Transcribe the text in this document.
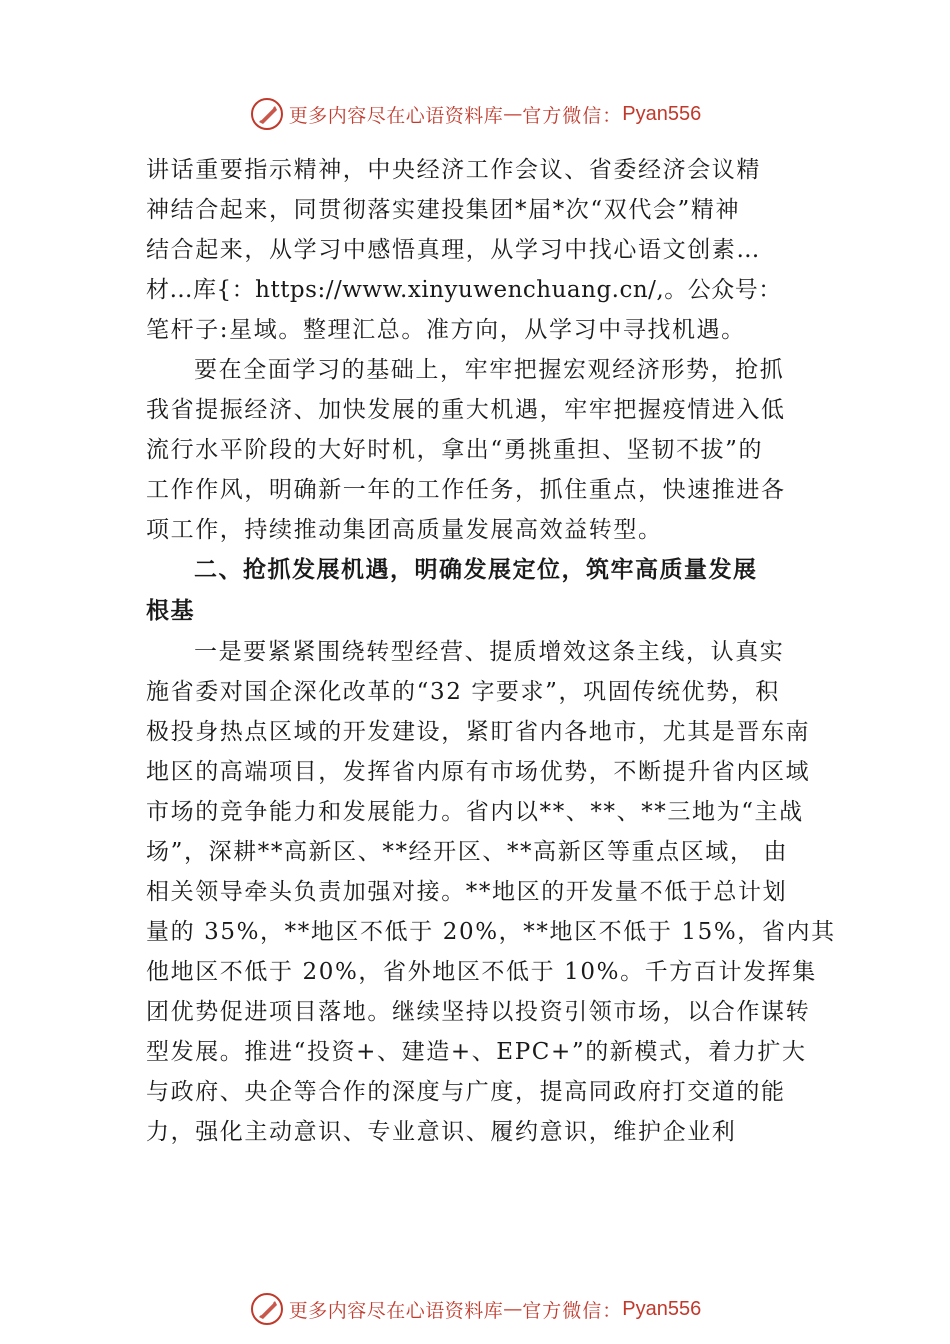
更多内容尽在心语资料库 — 官方微信： Pyan556
讲话重要指示精神，中央经济工作会议、省委经济会议精
神结合起来，同贯彻落实建投集团*届*次“双代会”精神
结合起来，从学习中感悟真理，从学习中找心语文创素…
材…库{：https://www.xinyuwenchuang.cn/,。公众号：
笔杆子:星域。整理汇总。准方向，从学习中寻找机遇。
要在全面学习的基础上，牢牢把握宏观经济形势，抢抓
我省提振经济、加快发展的重大机遇，牢牢把握疫情进入低
流行水平阶段的大好时机，拿出“勇挑重担、坚韧不拔”的
工作作风，明确新一年的工作任务，抓住重点，快速推进各
项工作，持续推动集团高质量发展高效益转型。
二、抢抓发展机遇，明确发展定位，筑牢高质量发展
根基
一是要紧紧围绕转型经营、提质增效这条主线，认真实
施省委对国企深化改革的“32 字要求”，巩固传统优势，积
极投身热点区域的开发建设，紧盯省内各地市，尤其是晋东南
地区的高端项目，发挥省内原有市场优势，不断提升省内区域
市场的竞争能力和发展能力。省内以**、**、**三地为“主战
场”，深耕**高新区、**经开区、**高新区等重点区域， 由
相关领导牵头负责加强对接。**地区的开发量不低于总计划
量的 35%，**地区不低于 20%，**地区不低于 15%，省内其
他地区不低于 20%，省外地区不低于 10%。千方百计发挥集
团优势促进项目落地。继续坚持以投资引领市场，以合作谋转
型发展。推进“投资+、建造+、EPC+”的新模式，着力扩大
与政府、央企等合作的深度与广度，提高同政府打交道的能
力，强化主动意识、专业意识、履约意识，维护企业利
更多内容尽在心语资料库 — 官方微信： Pyan556
